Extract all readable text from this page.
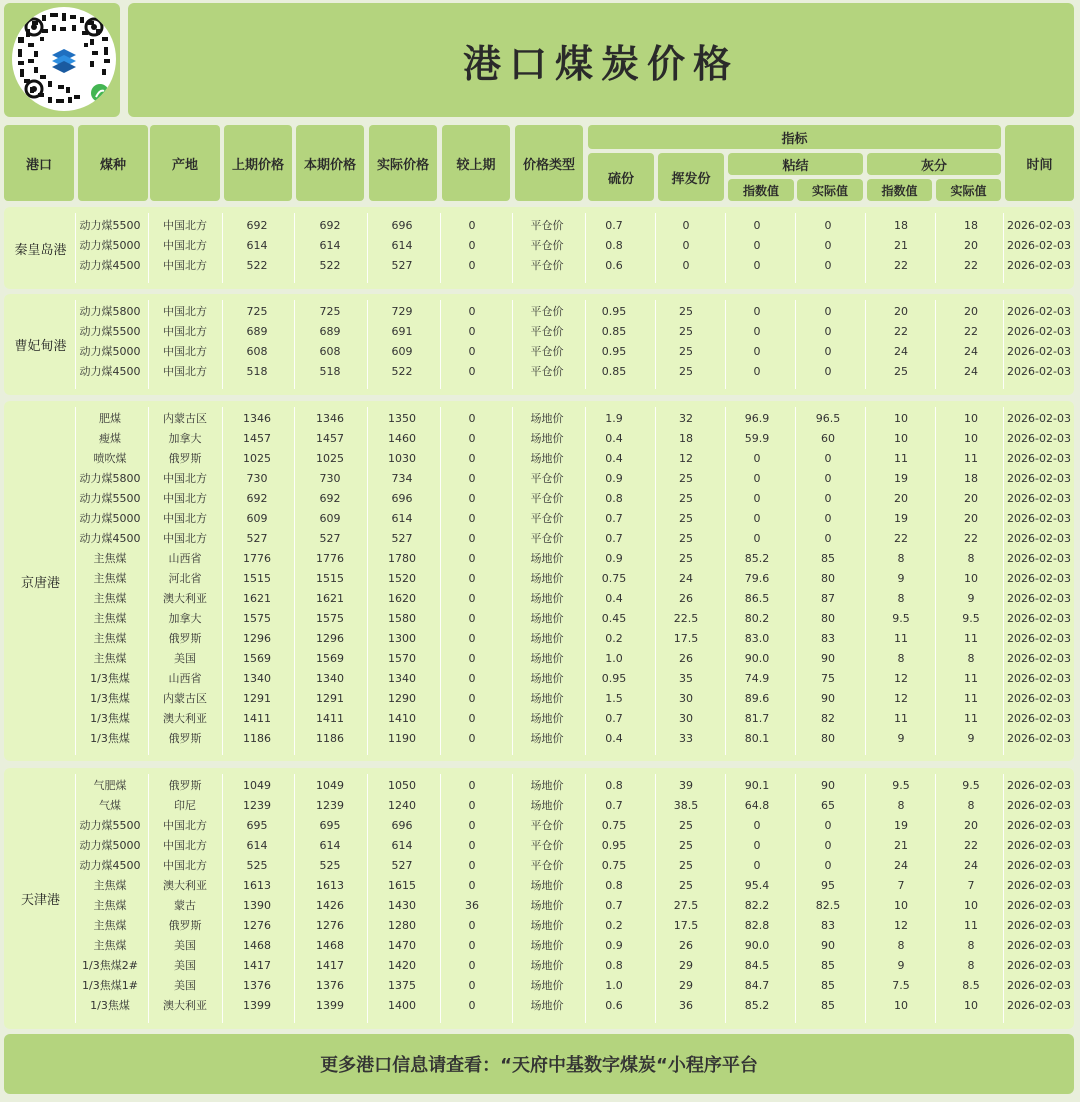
港口煤炭价格
港口	煤种	产地	上期价格	本期价格	实际价格	较上期	价格类型
指标
硫份	挥发份
粘结
指数值	实际值
灰分
指数值	实际值
时间
秦皇岛港
动力煤5500	中国北方	692	692	696	0	平仓价	0.7	0	0	0	18	18	2026-02-03
动力煤5000	中国北方	614	614	614	0	平仓价	0.8	0	0	0	21	20	2026-02-03
动力煤4500	中国北方	522	522	527	0	平仓价	0.6	0	0	0	22	22	2026-02-03
曹妃甸港
动力煤5800	中国北方	725	725	729	0	平仓价	0.95	25	0	0	20	20	2026-02-03
动力煤5500	中国北方	689	689	691	0	平仓价	0.85	25	0	0	22	22	2026-02-03
动力煤5000	中国北方	608	608	609	0	平仓价	0.95	25	0	0	24	24	2026-02-03
动力煤4500	中国北方	518	518	522	0	平仓价	0.85	25	0	0	25	24	2026-02-03
京唐港
肥煤	内蒙古区	1346	1346	1350	0	场地价	1.9	32	96.9	96.5	10	10	2026-02-03
瘦煤	加拿大	1457	1457	1460	0	场地价	0.4	18	59.9	60	10	10	2026-02-03
喷吹煤	俄罗斯	1025	1025	1030	0	场地价	0.4	12	0	0	11	11	2026-02-03
动力煤5800	中国北方	730	730	734	0	平仓价	0.9	25	0	0	19	18	2026-02-03
动力煤5500	中国北方	692	692	696	0	平仓价	0.8	25	0	0	20	20	2026-02-03
动力煤5000	中国北方	609	609	614	0	平仓价	0.7	25	0	0	19	20	2026-02-03
动力煤4500	中国北方	527	527	527	0	平仓价	0.7	25	0	0	22	22	2026-02-03
主焦煤	山西省	1776	1776	1780	0	场地价	0.9	25	85.2	85	8	8	2026-02-03
主焦煤	河北省	1515	1515	1520	0	场地价	0.75	24	79.6	80	9	10	2026-02-03
主焦煤	澳大利亚	1621	1621	1620	0	场地价	0.4	26	86.5	87	8	9	2026-02-03
主焦煤	加拿大	1575	1575	1580	0	场地价	0.45	22.5	80.2	80	9.5	9.5	2026-02-03
主焦煤	俄罗斯	1296	1296	1300	0	场地价	0.2	17.5	83.0	83	11	11	2026-02-03
主焦煤	美国	1569	1569	1570	0	场地价	1.0	26	90.0	90	8	8	2026-02-03
1/3焦煤	山西省	1340	1340	1340	0	场地价	0.95	35	74.9	75	12	11	2026-02-03
1/3焦煤	内蒙古区	1291	1291	1290	0	场地价	1.5	30	89.6	90	12	11	2026-02-03
1/3焦煤	澳大利亚	1411	1411	1410	0	场地价	0.7	30	81.7	82	11	11	2026-02-03
1/3焦煤	俄罗斯	1186	1186	1190	0	场地价	0.4	33	80.1	80	9	9	2026-02-03
天津港
气肥煤	俄罗斯	1049	1049	1050	0	场地价	0.8	39	90.1	90	9.5	9.5	2026-02-03
气煤	印尼	1239	1239	1240	0	场地价	0.7	38.5	64.8	65	8	8	2026-02-03
动力煤5500	中国北方	695	695	696	0	平仓价	0.75	25	0	0	19	20	2026-02-03
动力煤5000	中国北方	614	614	614	0	平仓价	0.95	25	0	0	21	22	2026-02-03
动力煤4500	中国北方	525	525	527	0	平仓价	0.75	25	0	0	24	24	2026-02-03
主焦煤	澳大利亚	1613	1613	1615	0	场地价	0.8	25	95.4	95	7	7	2026-02-03
主焦煤	蒙古	1390	1426	1430	36	场地价	0.7	27.5	82.2	82.5	10	10	2026-02-03
主焦煤	俄罗斯	1276	1276	1280	0	场地价	0.2	17.5	82.8	83	12	11	2026-02-03
主焦煤	美国	1468	1468	1470	0	场地价	0.9	26	90.0	90	8	8	2026-02-03
1/3焦煤2#	美国	1417	1417	1420	0	场地价	0.8	29	84.5	85	9	8	2026-02-03
1/3焦煤1#	美国	1376	1376	1375	0	场地价	1.0	29	84.7	85	7.5	8.5	2026-02-03
1/3焦煤	澳大利亚	1399	1399	1400	0	场地价	0.6	36	85.2	85	10	10	2026-02-03
更多港口信息请查看：“天府中基数字煤炭“小程序平台
